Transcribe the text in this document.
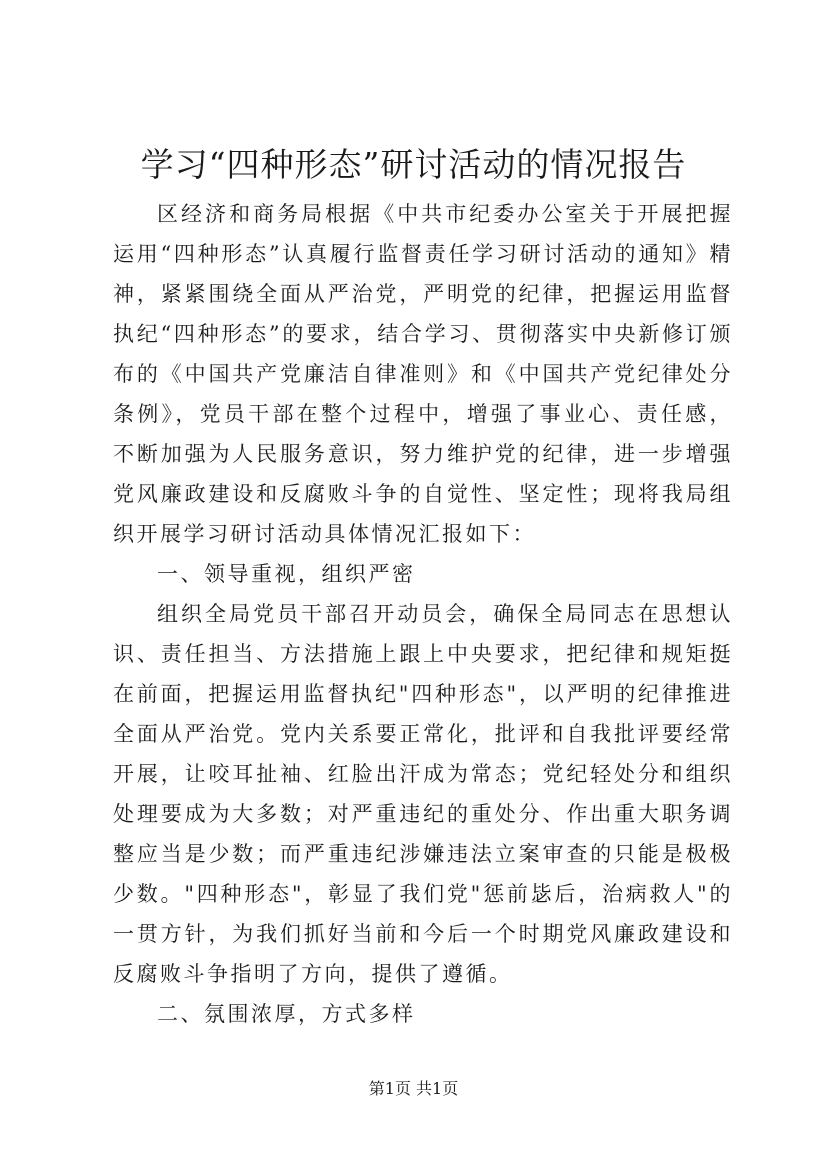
学习“四种形态”研讨活动的情况报告

区经济和商务局根据《中共市纪委办公室关于开展把握运用“四种形态”认真履行监督责任学习研讨活动的通知》精神，紧紧围绕全面从严治党，严明党的纪律，把握运用监督执纪“四种形态”的要求，结合学习、贯彻落实中央新修订颁布的《中国共产党廉洁自律准则》和《中国共产党纪律处分条例》，党员干部在整个过程中，增强了事业心、责任感，不断加强为人民服务意识，努力维护党的纪律，进一步增强党风廉政建设和反腐败斗争的自觉性、坚定性；现将我局组织开展学习研讨活动具体情况汇报如下：

一、领导重视，组织严密

组织全局党员干部召开动员会，确保全局同志在思想认识、责任担当、方法措施上跟上中央要求，把纪律和规矩挺在前面，把握运用监督执纪"四种形态"，以严明的纪律推进全面从严治党。党内关系要正常化，批评和自我批评要经常开展，让咬耳扯袖、红脸出汗成为常态；党纪轻处分和组织处理要成为大多数；对严重违纪的重处分、作出重大职务调整应当是少数；而严重违纪涉嫌违法立案审查的只能是极极少数。"四种形态"，彰显了我们党"惩前毖后，治病救人"的一贯方针，为我们抓好当前和今后一个时期党风廉政建设和反腐败斗争指明了方向，提供了遵循。

二、氛围浓厚，方式多样

第1页 共1页
